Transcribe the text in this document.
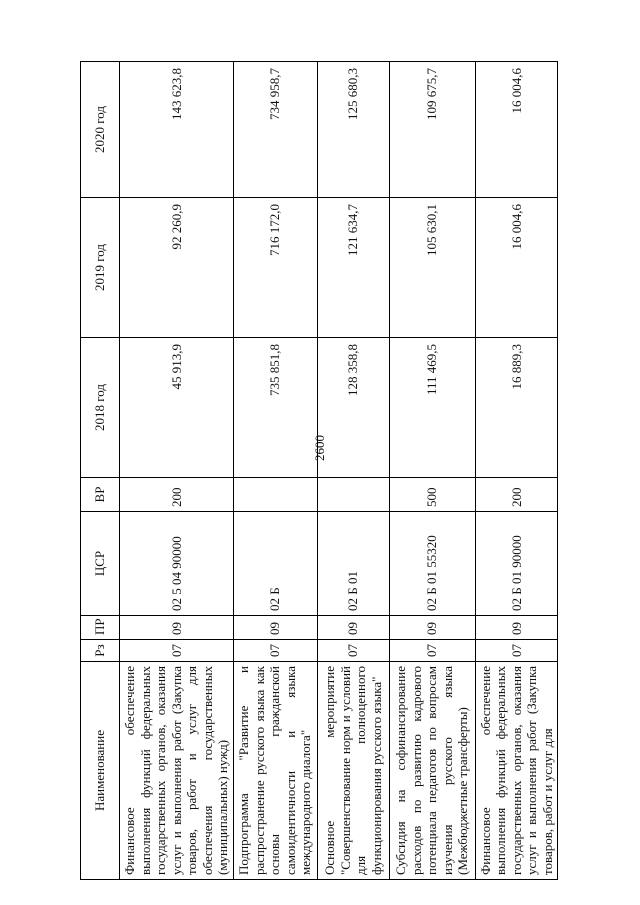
2600
Наименование	Рз	ПР	ЦСР	ВР	2018 год	2019 год	2020 год
Финансовое обеспечение выполнения функций федеральных государственных органов, оказания услуг и выполнения работ (Закупка товаров, работ и услуг для обеспечения государственных (муниципальных) нужд)	07	09	02 5 04 90000	200	45 913,9	92 260,9	143 623,8
Подпрограмма "Развитие и распространение русского языка как основы гражданской самоидентичности и языка международного диалога"	07	09	02 Б		735 851,8	716 172,0	734 958,7
Основное мероприятие "Совершенствование норм и условий для полноценного функционирования русского языка"	07	09	02 Б 01		128 358,8	121 634,7	125 680,3
Субсидия на софинансирование расходов по развитию кадрового потенциала педагогов по вопросам изучения русского языка (Межбюджетные трансферты)	07	09	02 Б 01 55320	500	111 469,5	105 630,1	109 675,7
Финансовое обеспечение выполнения функций федеральных государственных органов, оказания услуг и выполнения работ (Закупка товаров, работ и услуг для	07	09	02 Б 01 90000	200	16 889,3	16 004,6	16 004,6
